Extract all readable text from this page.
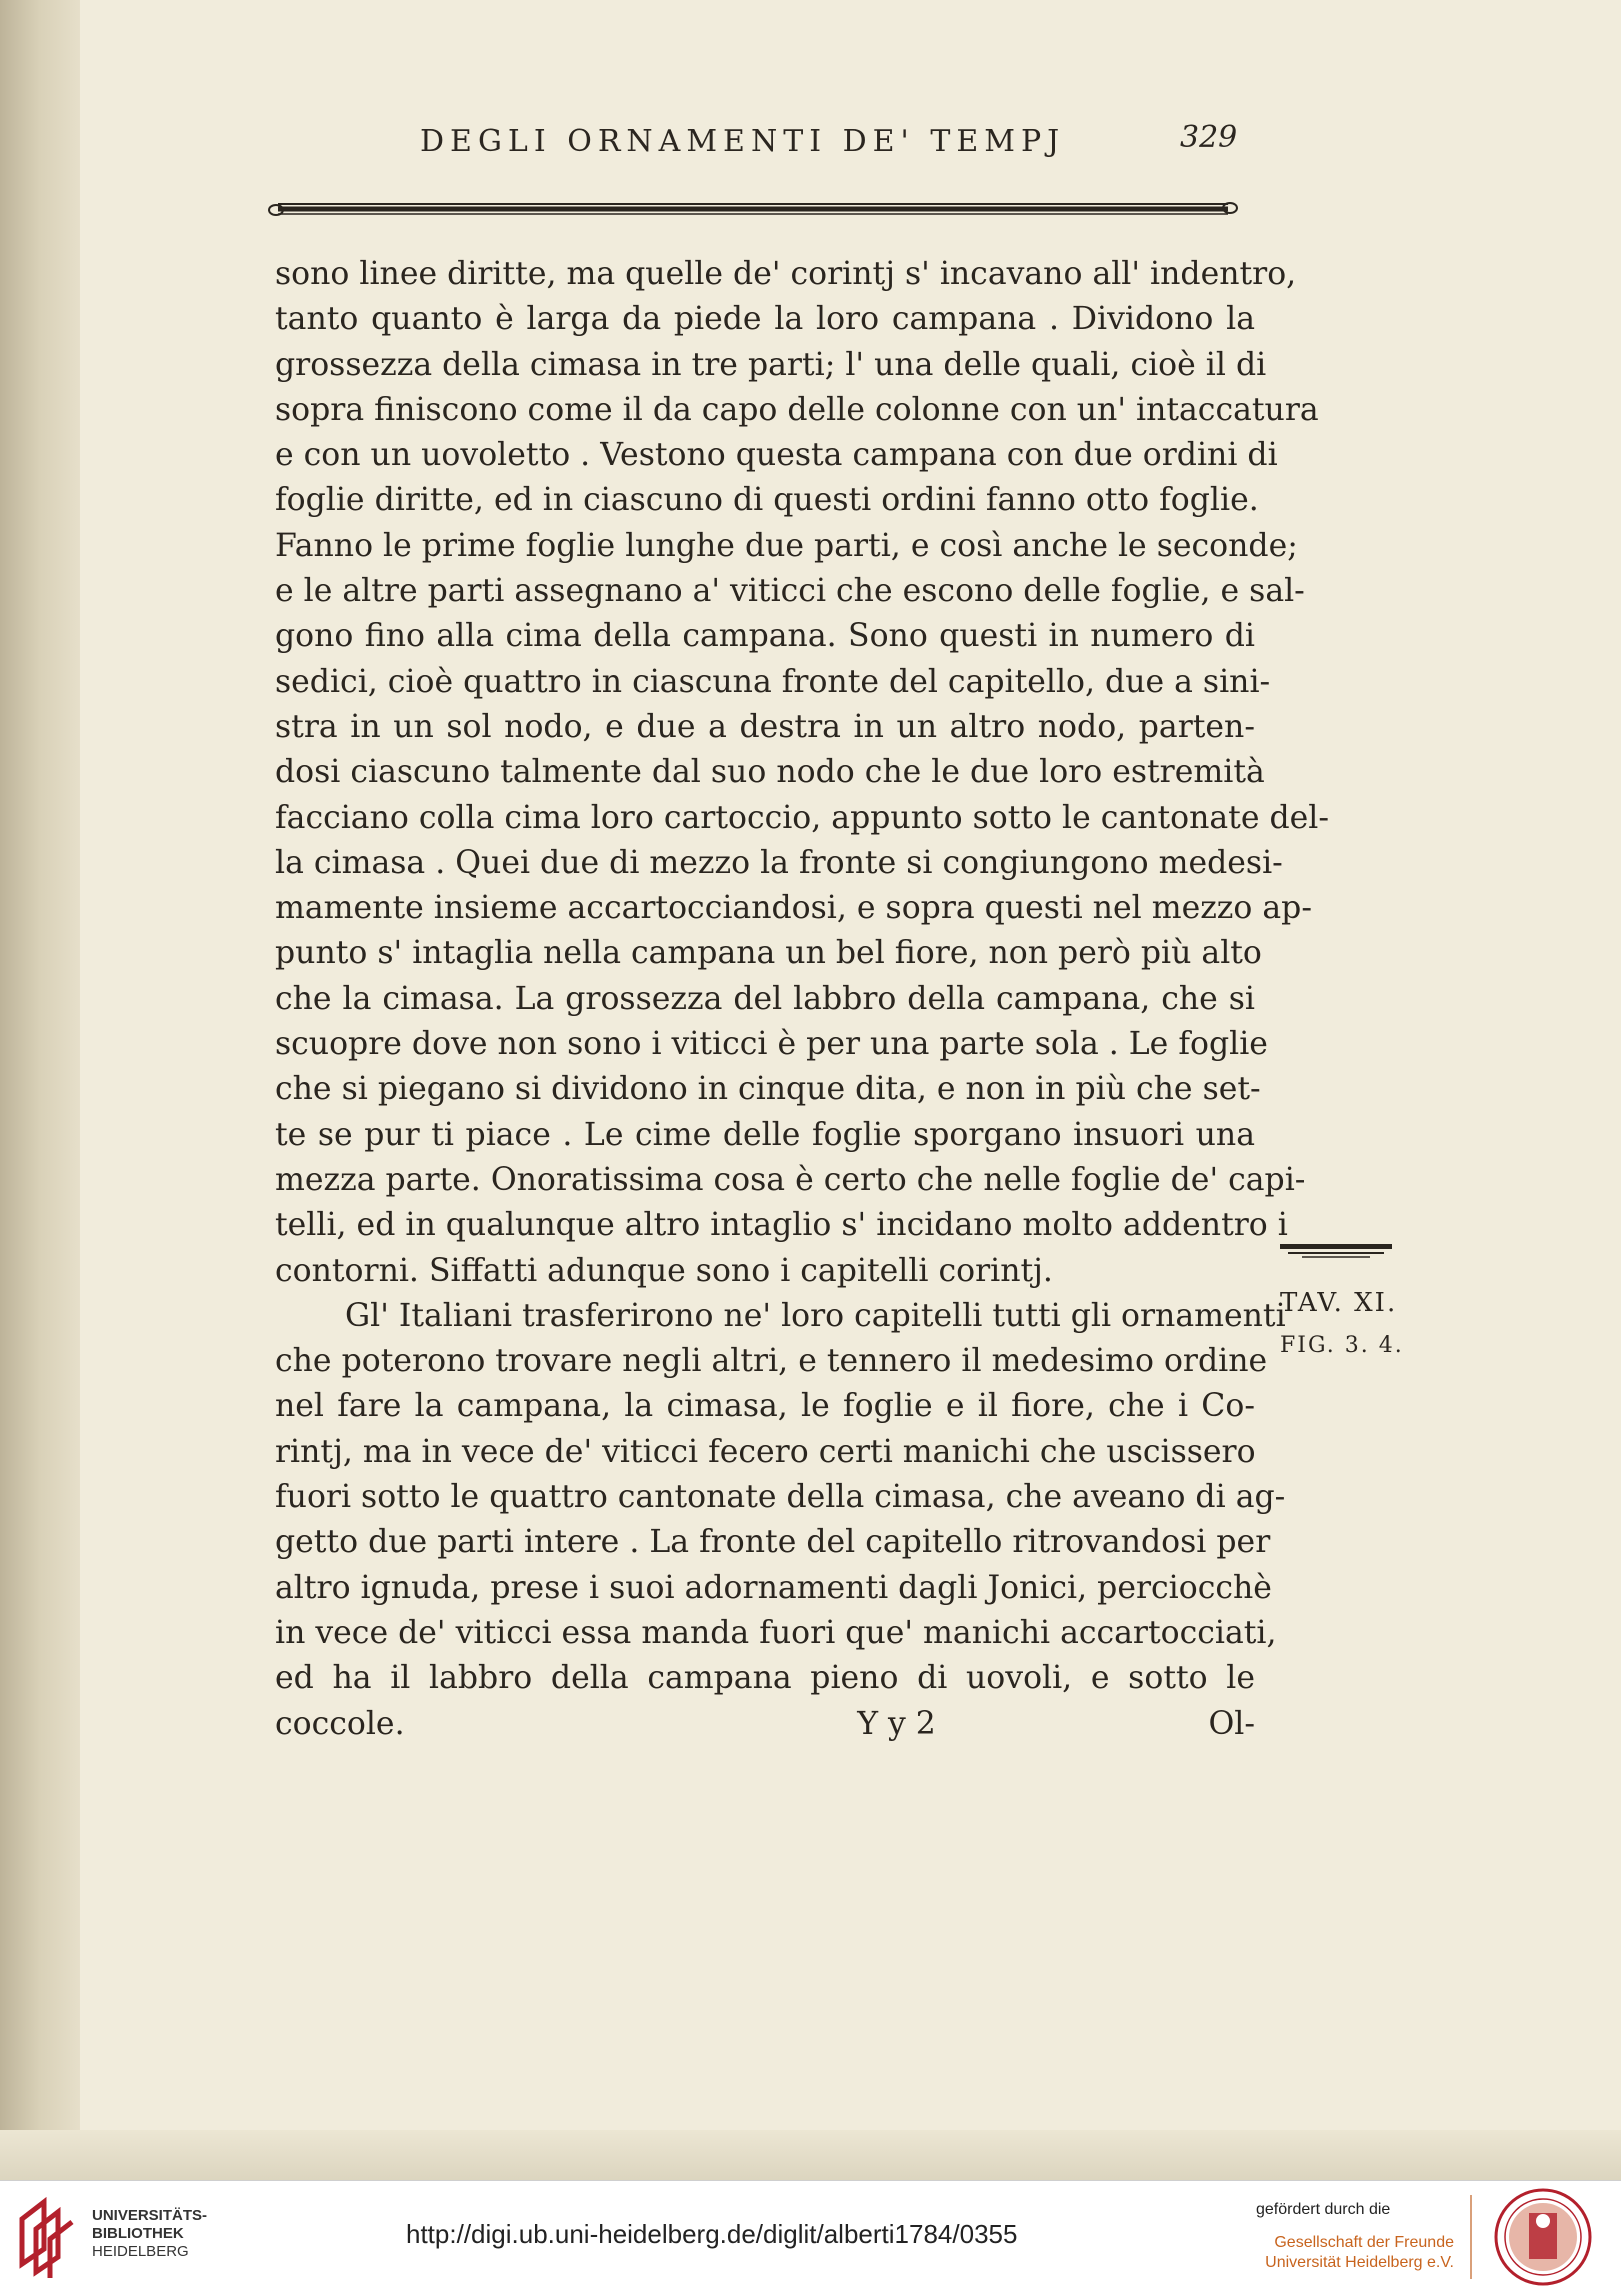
DEGLI ORNAMENTI DE' TEMPJ	329
sono linee diritte, ma quelle de' corintj s' incavano all' indentro,
tanto quanto è larga da piede la loro campana . Dividono la
grossezza della cimasa in tre parti; l' una delle quali, cioè il di
sopra finiscono come il da capo delle colonne con un' intaccatura
e con un uovoletto . Vestono questa campana con due ordini di
foglie diritte, ed in ciascuno di questi ordini fanno otto foglie.
Fanno le prime foglie lunghe due parti, e così anche le seconde;
e le altre parti assegnano a' viticci che escono delle foglie, e sal-
gono fino alla cima della campana. Sono questi in numero di
sedici, cioè quattro in ciascuna fronte del capitello, due a sini-
stra in un sol nodo, e due a destra in un altro nodo, parten-
dosi ciascuno talmente dal suo nodo che le due loro estremità
facciano colla cima loro cartoccio, appunto sotto le cantonate del-
la cimasa . Quei due di mezzo la fronte si congiungono medesi-
mamente insieme accartocciandosi, e sopra questi nel mezzo ap-
punto s' intaglia nella campana un bel fiore, non però più alto
che la cimasa. La grossezza del labbro della campana, che si
scuopre dove non sono i viticci è per una parte sola . Le foglie
che si piegano si dividono in cinque dita, e non in più che set-
te se pur ti piace . Le cime delle foglie sporgano insuori una
mezza parte. Onoratissima cosa è certo che nelle foglie de' capi-
telli, ed in qualunque altro intaglio s' incidano molto addentro i
contorni. Siffatti adunque sono i capitelli corintj.
Gl' Italiani trasferirono ne' loro capitelli tutti gli ornamenti
che poterono trovare negli altri, e tennero il medesimo ordine
nel fare la campana, la cimasa, le foglie e il fiore, che i Co-
rintj, ma in vece de' viticci fecero certi manichi che uscissero
fuori sotto le quattro cantonate della cimasa, che aveano di ag-
getto due parti intere . La fronte del capitello ritrovandosi per
altro ignuda, prese i suoi adornamenti dagli Jonici, perciocchè
in vece de' viticci essa manda fuori que' manichi accartocciati,
ed ha il labbro della campana pieno di uovoli, e sotto le
coccole.	Y y 2	Ol-
TAV. XI.
FIG. 3. 4.
UNIVERSITÄTS-
BIBLIOTHEK
HEIDELBERG
http://digi.ub.uni-heidelberg.de/diglit/alberti1784/0355
gefördert durch die
Gesellschaft der Freunde
Universität Heidelberg e.V.
